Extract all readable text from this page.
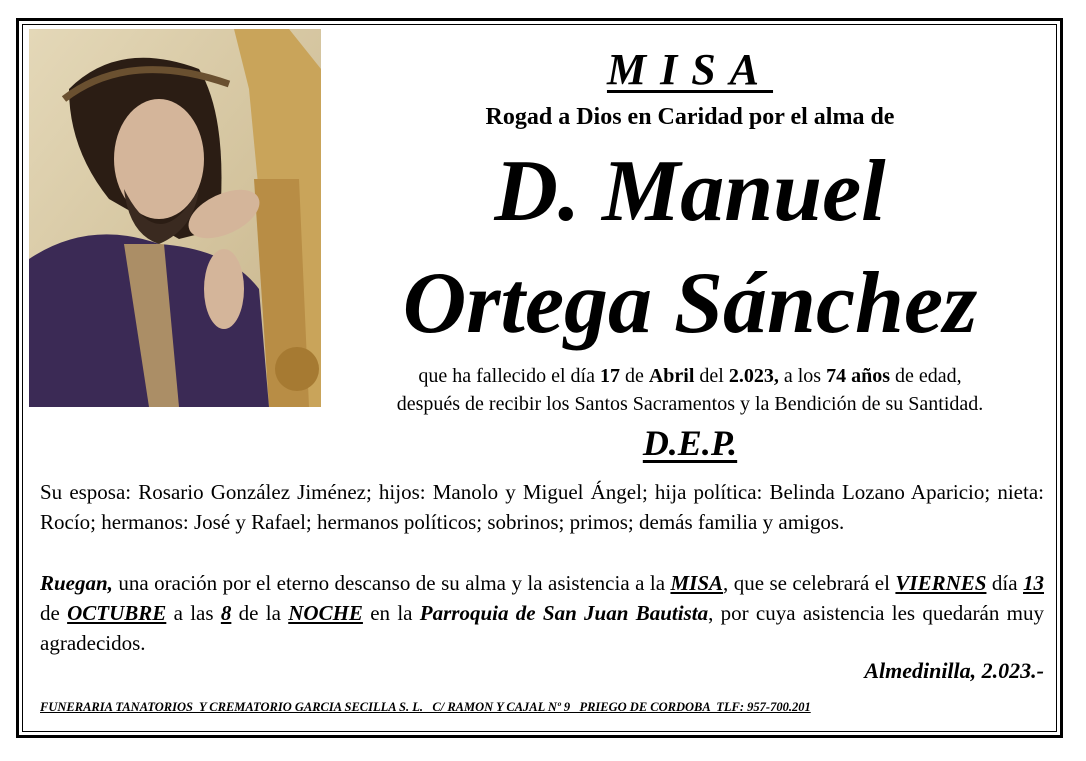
MISA
Rogad a Dios en Caridad por el alma de
D. Manuel
Ortega Sánchez
que ha fallecido el día 17 de Abril del 2.023, a los 74 años de edad,
después de recibir los Santos Sacramentos y la Bendición de su Santidad.
D.E.P.
Su esposa: Rosario González Jiménez; hijos: Manolo y Miguel Ángel; hija política: Belinda Lozano Aparicio; nieta: Rocío; hermanos: José y Rafael; hermanos políticos; sobrinos; primos; demás familia y amigos.
Ruegan, una oración por el eterno descanso de su alma y la asistencia a la MISA, que se celebrará el VIERNES día 13 de OCTUBRE a las 8 de la NOCHE en la Parroquia de San Juan Bautista, por cuya asistencia les quedarán muy agradecidos.
Almedinilla, 2.023.-
FUNERARIA TANATORIOS  Y CREMATORIO GARCIA SECILLA S. L.   C/ RAMON Y CAJAL Nº 9   PRIEGO DE CORDOBA  TLF: 957-700.201
